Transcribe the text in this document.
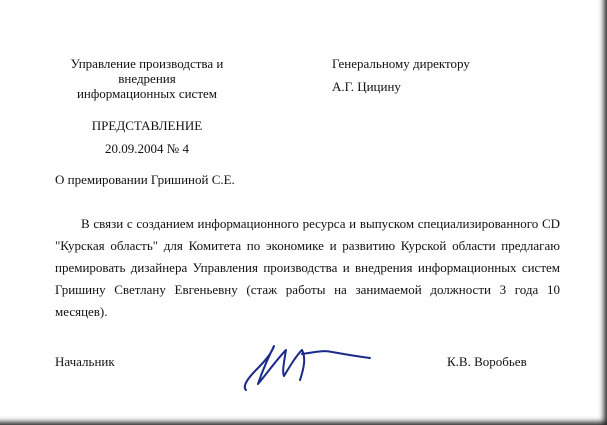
Управление производства и
внедрения
информационных систем
Генеральному директору
А.Г. Цицину
ПРЕДСТАВЛЕНИЕ
20.09.2004 № 4
О премировании Гришиной С.Е.
В связи с созданием информационного ресурса и выпуском специализированного CD "Курская область" для Комитета по экономике и развитию Курской области предлагаю премировать дизайнера Управления производства и внедрения информационных систем Гришину Светлану Евгеньевну (стаж работы на занимаемой должности 3 года 10 месяцев).
Начальник	К.В. Воробьев
